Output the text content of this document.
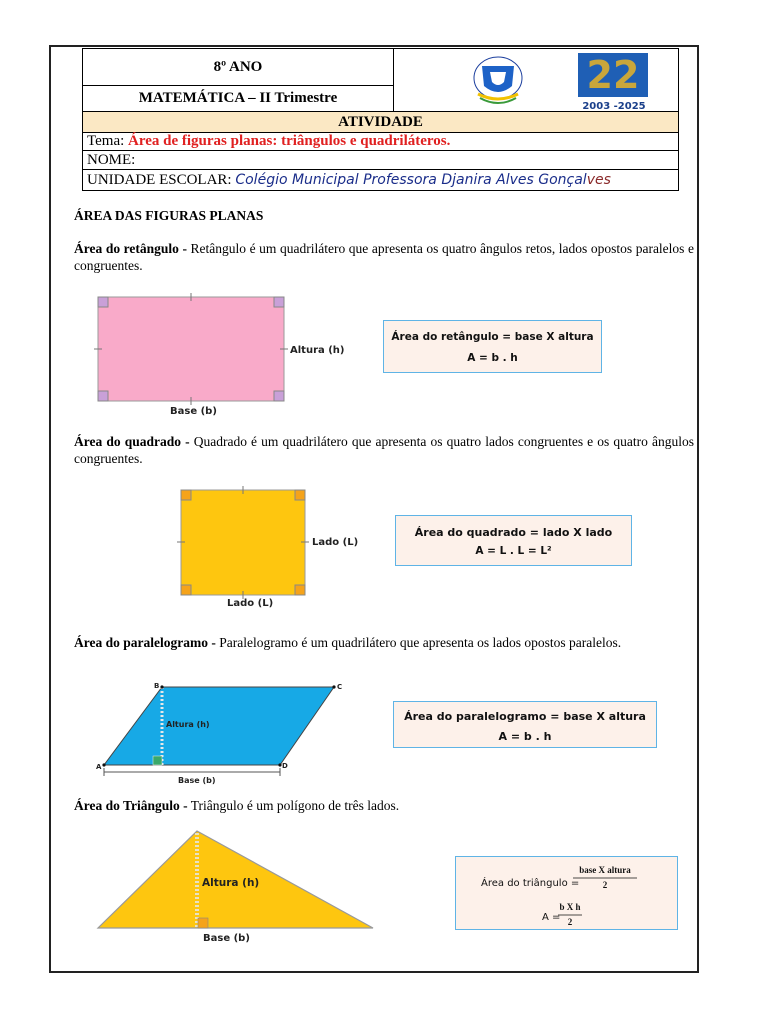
8º ANO	22
2003 -2025

MATEMÁTICA – II Trimestre
ATIVIDADE
Tema: Área de figuras planas: triângulos e quadriláteros.
NOME:
UNIDADE ESCOLAR: Colégio Municipal Professora Djanira Alves Gonçalves
ÁREA DAS FIGURAS PLANAS
Área do retângulo - Retângulo é um quadrilátero que apresenta os quatro ângulos retos, lados opostos paralelos e congruentes.
Altura (h)
Base (b)
Área do retângulo = base X altura
A = b . h
Área do quadrado - Quadrado é um quadrilátero que apresenta os quatro lados congruentes e os quatro ângulos congruentes.
Lado (L)
Lado (L)
Área do quadrado = lado X lado
A = L . L = L²
Área do paralelogramo - Paralelogramo é um quadrilátero que apresenta os lados opostos paralelos.
B	C
D
A
Altura (h)
Base (b)
Área do paralelogramo = base X altura
A = b . h
Área do Triângulo - Triângulo é um polígono de três lados.
Altura (h)
Base (b)
Área do triângulo =
base X altura
2
A =
b X h
2
